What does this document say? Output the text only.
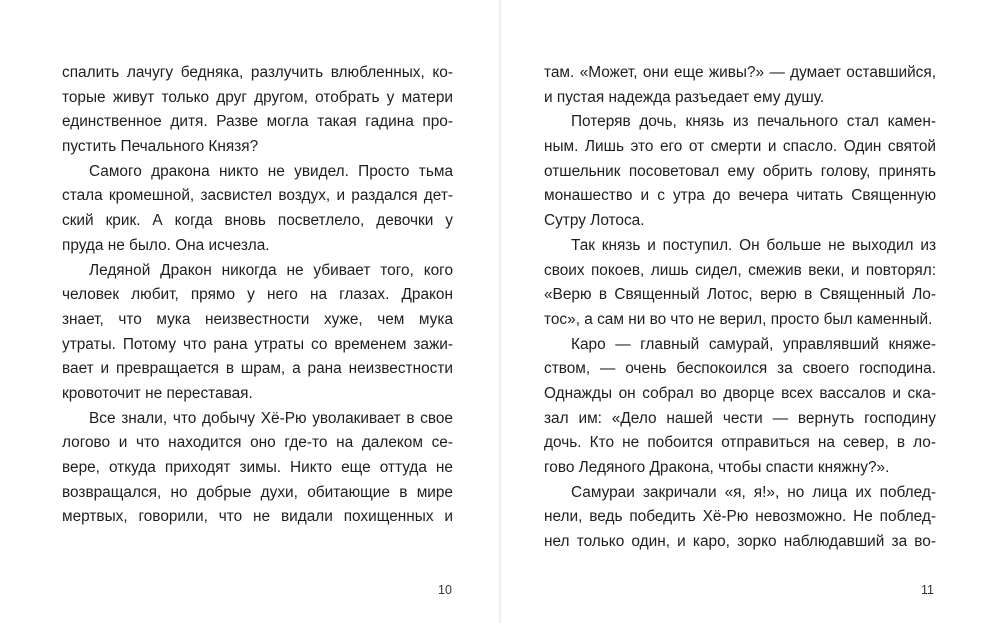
спалить лачугу бедняка, разлучить влюбленных, ко-
торые живут только друг другом, отобрать у матери
единственное дитя. Разве могла такая гадина про-
пустить Печального Князя?
Самого дракона никто не увидел. Просто тьма
стала кромешной, засвистел воздух, и раздался дет-
ский крик. А когда вновь посветлело, девочки у
пруда не было. Она исчезла.
Ледяной Дракон никогда не убивает того, кого
человек любит, прямо у него на глазах. Дракон
знает, что мука неизвестности хуже, чем мука
утраты. Потому что рана утраты со временем зажи-
вает и превращается в шрам, а рана неизвестности
кровоточит не переставая.
Все знали, что добычу Хё-Рю уволакивает в свое
логово и что находится оно где-то на далеком се-
вере, откуда приходят зимы. Никто еще оттуда не
возвращался, но добрые духи, обитающие в мире
мертвых, говорили, что не видали похищенных и
10
там. «Может, они еще живы?» — думает оставшийся,
и пустая надежда разъедает ему душу.
Потеряв дочь, князь из печального стал камен-
ным. Лишь это его от смерти и спасло. Один святой
отшельник посоветовал ему обрить голову, принять
монашество и с утра до вечера читать Священную
Сутру Лотоса.
Так князь и поступил. Он больше не выходил из
своих покоев, лишь сидел, смежив веки, и повторял:
«Верю в Священный Лотос, верю в Священный Ло-
тос», а сам ни во что не верил, просто был каменный.
Каро — главный самурай, управлявший княже-
ством, — очень беспокоился за своего господина.
Однажды он собрал во дворце всех вассалов и ска-
зал им: «Дело нашей чести — вернуть господину
дочь. Кто не побоится отправиться на север, в ло-
гово Ледяного Дракона, чтобы спасти княжну?».
Самураи закричали «я, я!», но лица их поблед-
нели, ведь победить Хё-Рю невозможно. Не поблед-
нел только один, и каро, зорко наблюдавший за во-
11
